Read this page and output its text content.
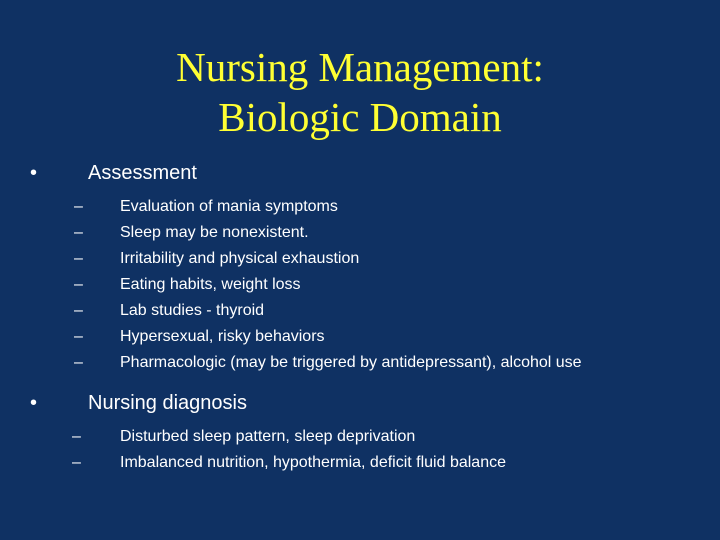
Nursing Management:
Biologic Domain
•	Assessment
– Evaluation of mania symptoms
– Sleep may be nonexistent.
– Irritability and physical exhaustion
– Eating habits, weight loss
– Lab studies - thyroid
– Hypersexual, risky behaviors
– Pharmacologic (may be triggered by antidepressant), alcohol use
•	Nursing diagnosis
– Disturbed sleep pattern, sleep deprivation
– Imbalanced nutrition, hypothermia, deficit fluid balance
